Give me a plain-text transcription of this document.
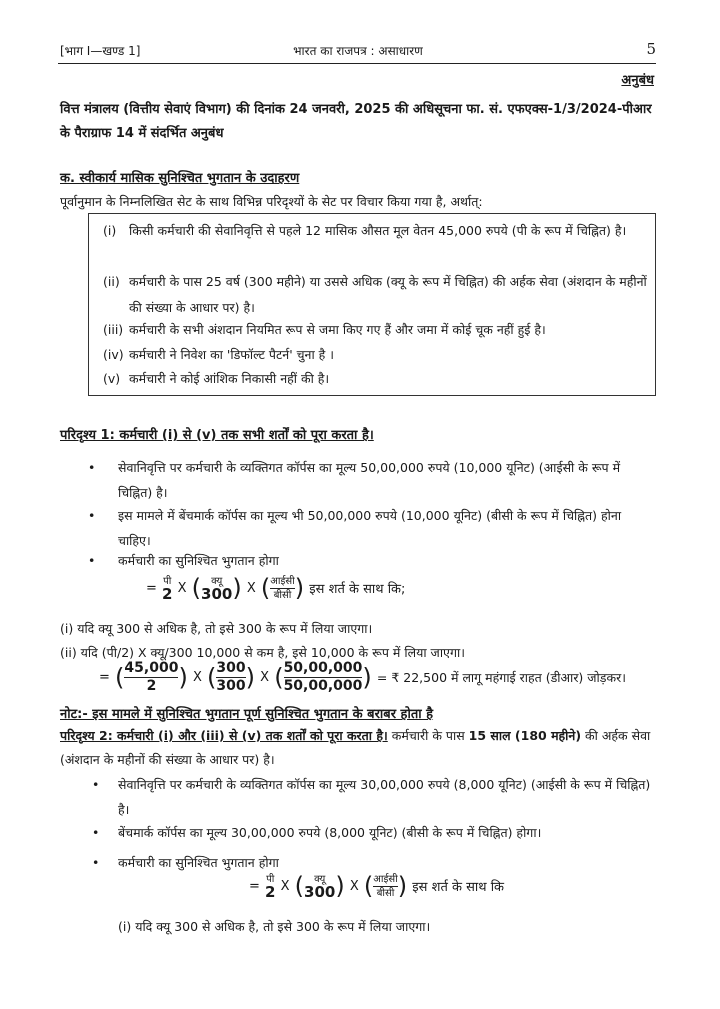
[भाग I—खण्ड 1]	भारत का राजपत्र : असाधारण	5
अनुबंध
वित्त मंत्रालय (वित्तीय सेवाएं विभाग) की दिनांक 24 जनवरी, 2025 की अधिसूचना फा. सं. एफएक्स-1/3/2024-पीआर के पैराग्राफ 14 में संदर्भित अनुबंध
क. स्वीकार्य मासिक सुनिश्चित भुगतान के उदाहरण
पूर्वानुमान के निम्नलिखित सेट के साथ विभिन्न परिदृश्यों के सेट पर विचार किया गया है, अर्थात्:
(i) किसी कर्मचारी की सेवानिवृत्ति से पहले 12 मासिक औसत मूल वेतन 45,000 रुपये (पी के रूप में चिह्नित) है।
(ii) कर्मचारी के पास 25 वर्ष (300 महीने) या उससे अधिक (क्यू के रूप में चिह्नित) की अर्हक सेवा (अंशदान के महीनों की संख्या के आधार पर) है।
(iii) कर्मचारी के सभी अंशदान नियमित रूप से जमा किए गए हैं और जमा में कोई चूक नहीं हुई है।
(iv) कर्मचारी ने निवेश का 'डिफॉल्ट पैटर्न' चुना है ।
(v) कर्मचारी ने कोई आंशिक निकासी नहीं की है।
परिदृश्य 1: कर्मचारी (i) से (v) तक सभी शर्तों को पूरा करता है।
• सेवानिवृत्ति पर कर्मचारी के व्यक्तिगत कॉर्पस का मूल्य 50,00,000 रुपये (10,000 यूनिट) (आईसी के रूप में चिह्नित) है।
• इस मामले में बेंचमार्क कॉर्पस का मूल्य भी 50,00,000 रुपये (10,000 यूनिट) (बीसी के रूप में चिह्नित) होना चाहिए।
• कर्मचारी का सुनिश्चित भुगतान होगा
= पी
2 X (	क्यू
300 ) X ( $\frac{\text{आईसी}}{\text{बीसी}}$ ) इस शर्त के साथ कि;
(i) यदि क्यू 300 से अधिक है, तो इसे 300 के रूप में लिया जाएगा।
(ii) यदि (पी/2) X क्यू/300 10,000 से कम है, इसे 10,000 के रूप में लिया जाएगा।
= ( $\frac{45,000}{2}$ ) X ( $\frac{300}{300}$ ) X ( $\frac{50,00,000}{50,00,000}$ ) = ₹ 22,500 में लागू महंगाई राहत (डीआर) जोड़कर।
नोट:- इस मामले में सुनिश्चित भुगतान पूर्ण सुनिश्चित भुगतान के बराबर होता है
परिदृश्य 2: कर्मचारी (i) और (iii) से (v) तक शर्तों को पूरा करता है। कर्मचारी के पास 15 साल (180 महीने) की अर्हक सेवा (अंशदान के महीनों की संख्या के आधार पर) है।
• सेवानिवृत्ति पर कर्मचारी के व्यक्तिगत कॉर्पस का मूल्य 30,00,000 रुपये (8,000 यूनिट) (आईसी के रूप में चिह्नित) है।
• बेंचमार्क कॉर्पस का मूल्य 30,00,000 रुपये (8,000 यूनिट) (बीसी के रूप में चिह्नित) होगा।
• कर्मचारी का सुनिश्चित भुगतान होगा
= पी
2 X (	क्यू
300 ) X ( $\frac{\text{आईसी}}{\text{बीसी}}$ ) इस शर्त के साथ कि
(i) यदि क्यू 300 से अधिक है, तो इसे 300 के रूप में लिया जाएगा।
